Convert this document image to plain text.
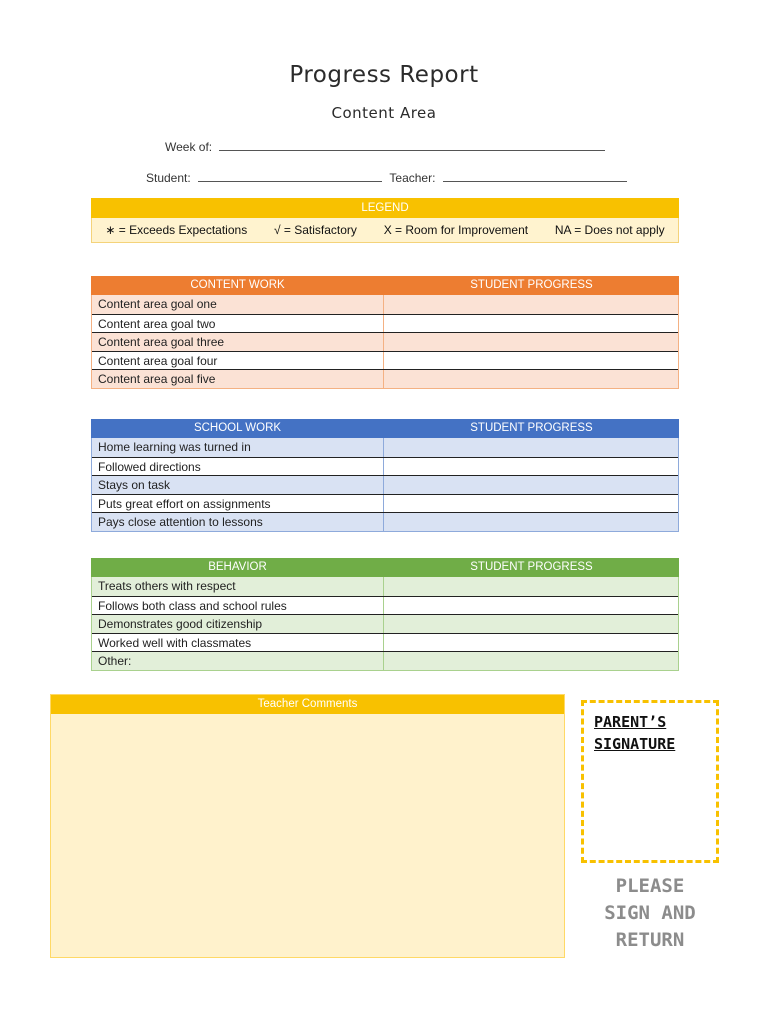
Progress Report
Content Area
Week of:
Student:	Teacher:
LEGEND
∗ = Exceeds Expectations √ = Satisfactory X = Room for Improvement NA = Does not apply
CONTENT WORK	STUDENT PROGRESS
Content area goal one
Content area goal two
Content area goal three
Content area goal four
Content area goal five
SCHOOL WORK	STUDENT PROGRESS
Home learning was turned in
Followed directions
Stays on task
Puts great effort on assignments
Pays close attention to lessons
BEHAVIOR	STUDENT PROGRESS
Treats others with respect
Follows both class and school rules
Demonstrates good citizenship
Worked well with classmates
Other:
Teacher Comments
PARENT’S
SIGNATURE
PLEASE
SIGN AND
RETURN
